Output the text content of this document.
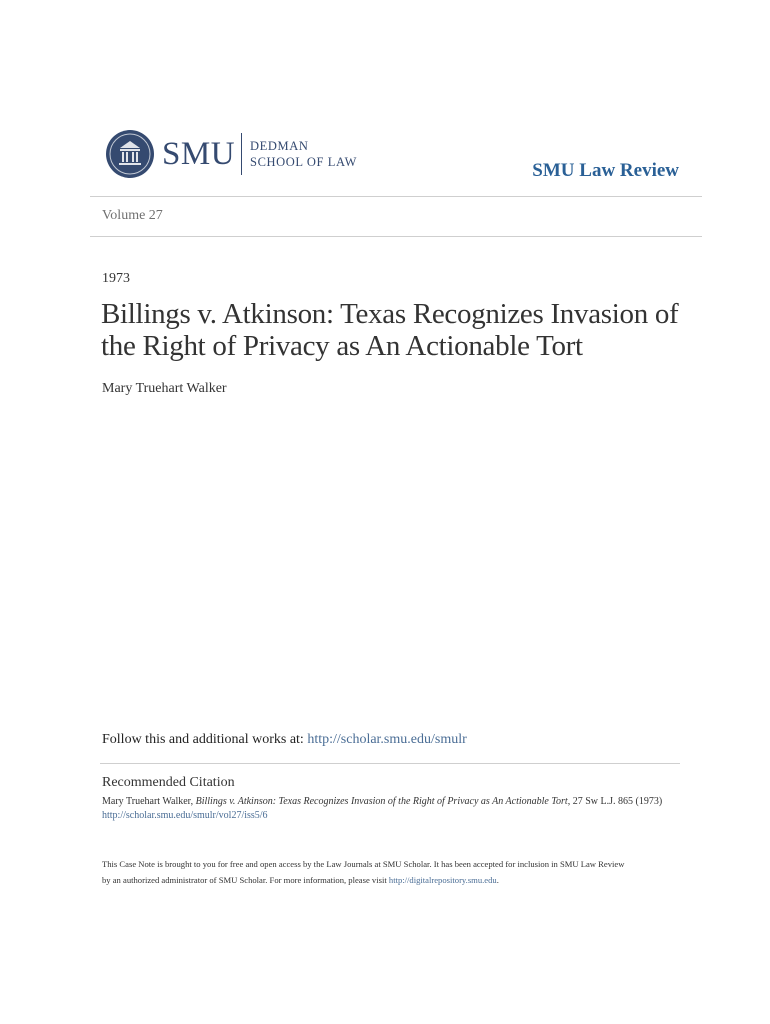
SMU DEDMAN
SCHOOL OF LAW	SMU Law Review
Volume 27
1973
Billings v. Atkinson: Texas Recognizes Invasion of the Right of Privacy as An Actionable Tort
Mary Truehart Walker
Follow this and additional works at: http://scholar.smu.edu/smulr
Recommended Citation
Mary Truehart Walker, Billings v. Atkinson: Texas Recognizes Invasion of the Right of Privacy as An Actionable Tort, 27 Sw L.J. 865 (1973)
http://scholar.smu.edu/smulr/vol27/iss5/6
This Case Note is brought to you for free and open access by the Law Journals at SMU Scholar. It has been accepted for inclusion in SMU Law Review
by an authorized administrator of SMU Scholar. For more information, please visit http://digitalrepository.smu.edu.
